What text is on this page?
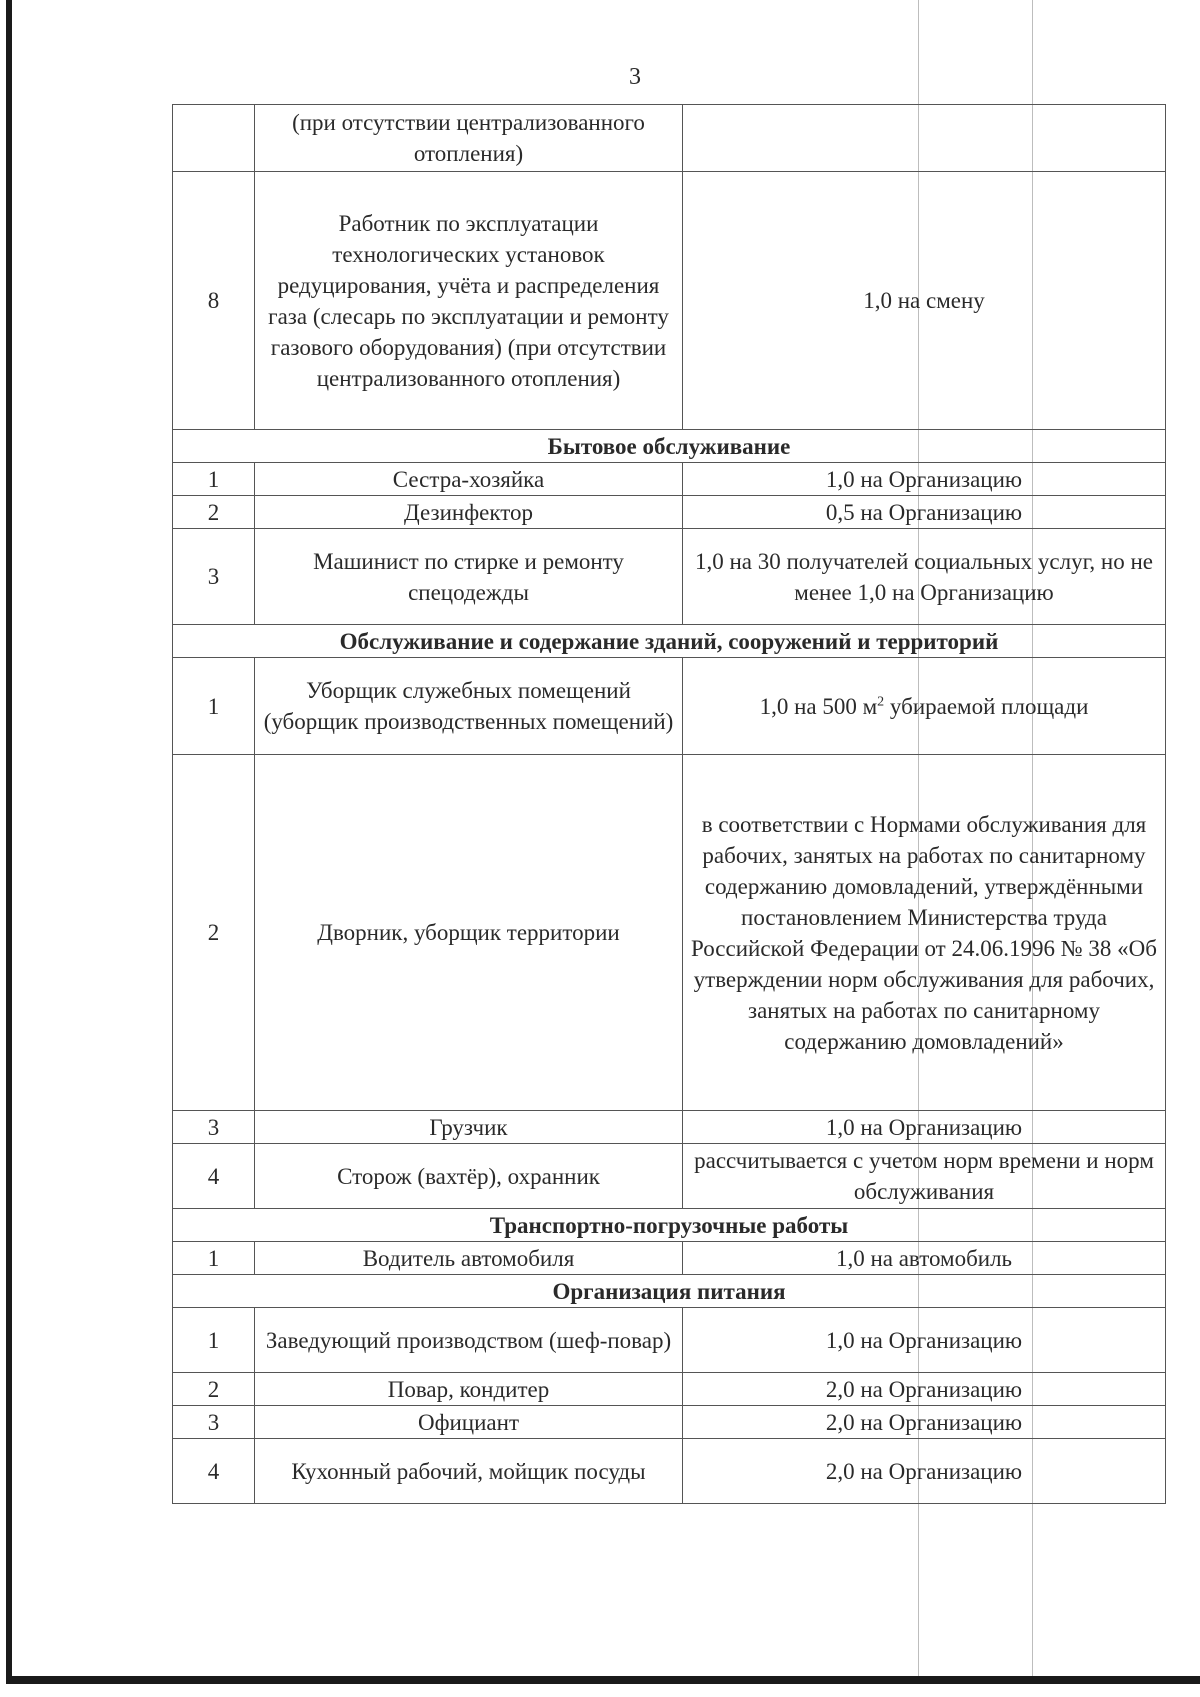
3
	(при отсутствии централизованного отопления)	
8	Работник по эксплуатации технологических установок редуцирования, учёта и распределения газа (слесарь по эксплуатации и ремонту газового оборудования) (при отсутствии централизованного отопления)	1,0 на смену
Бытовое обслуживание		
1	Сестра-хозяйка	1,0 на Организацию
2	Дезинфектор	0,5 на Организацию
3	Машинист по стирке и ремонту спецодежды	1,0 на 30 получателей социальных услуг, но не менее 1,0 на Организацию
Обслуживание и содержание зданий, сооружений и территорий		
1	Уборщик служебных помещений (уборщик производственных помещений)	1,0 на 500 $м^2$ убираемой площади
2	Дворник, уборщик территории	в соответствии с Нормами обслуживания для рабочих, занятых на работах по санитарному содержанию домовладений, утверждёнными постановлением Министерства труда Российской Федерации от 24.06.1996 № 38 «Об утверждении норм обслуживания для рабочих, занятых на работах по санитарному содержанию домовладений»
3	Грузчик	1,0 на Организацию
4	Сторож (вахтёр), охранник	рассчитывается с учетом норм времени и норм обслуживания
Транспортно-погрузочные работы		
1	Водитель автомобиля	1,0 на автомобиль
Организация питания		
1	Заведующий производством (шеф-повар)	1,0 на Организацию
2	Повар, кондитер	2,0 на Организацию
3	Официант	2,0 на Организацию
4	Кухонный рабочий, мойщик посуды	2,0 на Организацию
